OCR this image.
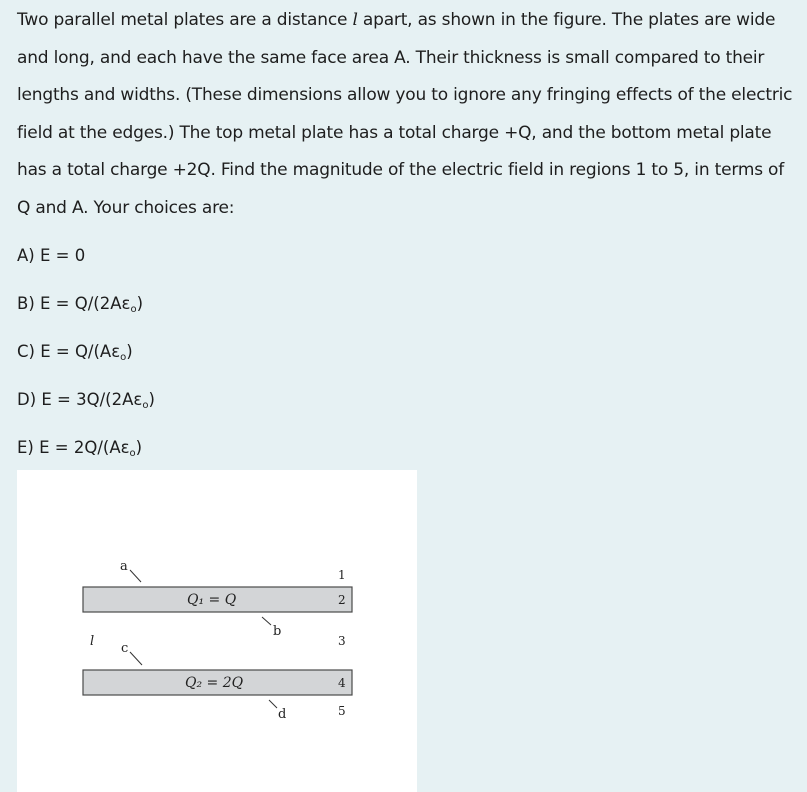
Two parallel metal plates are a distance l apart, as shown in the figure. The plates are wide and long, and each have the same face area A. Their thickness is small compared to their lengths and widths. (These dimensions allow you to ignore any fringing effects of the electric field at the edges.) The top metal plate has a total charge +Q, and the bottom metal plate has a total charge +2Q. Find the magnitude of the electric field in regions 1 to 5, in terms of Q and A. Your choices are:
A) E = 0
B) $E = Q/(2A\varepsilon_o)$
C) $E = Q/(A\varepsilon_o)$
D) $E = 3Q/(2A\varepsilon_o)$
E) $E = 2Q/(A\varepsilon_o)$
Q₁ = Q
Q₂ = 2Q
a
b
c
d
l
1
2
3
4
5
